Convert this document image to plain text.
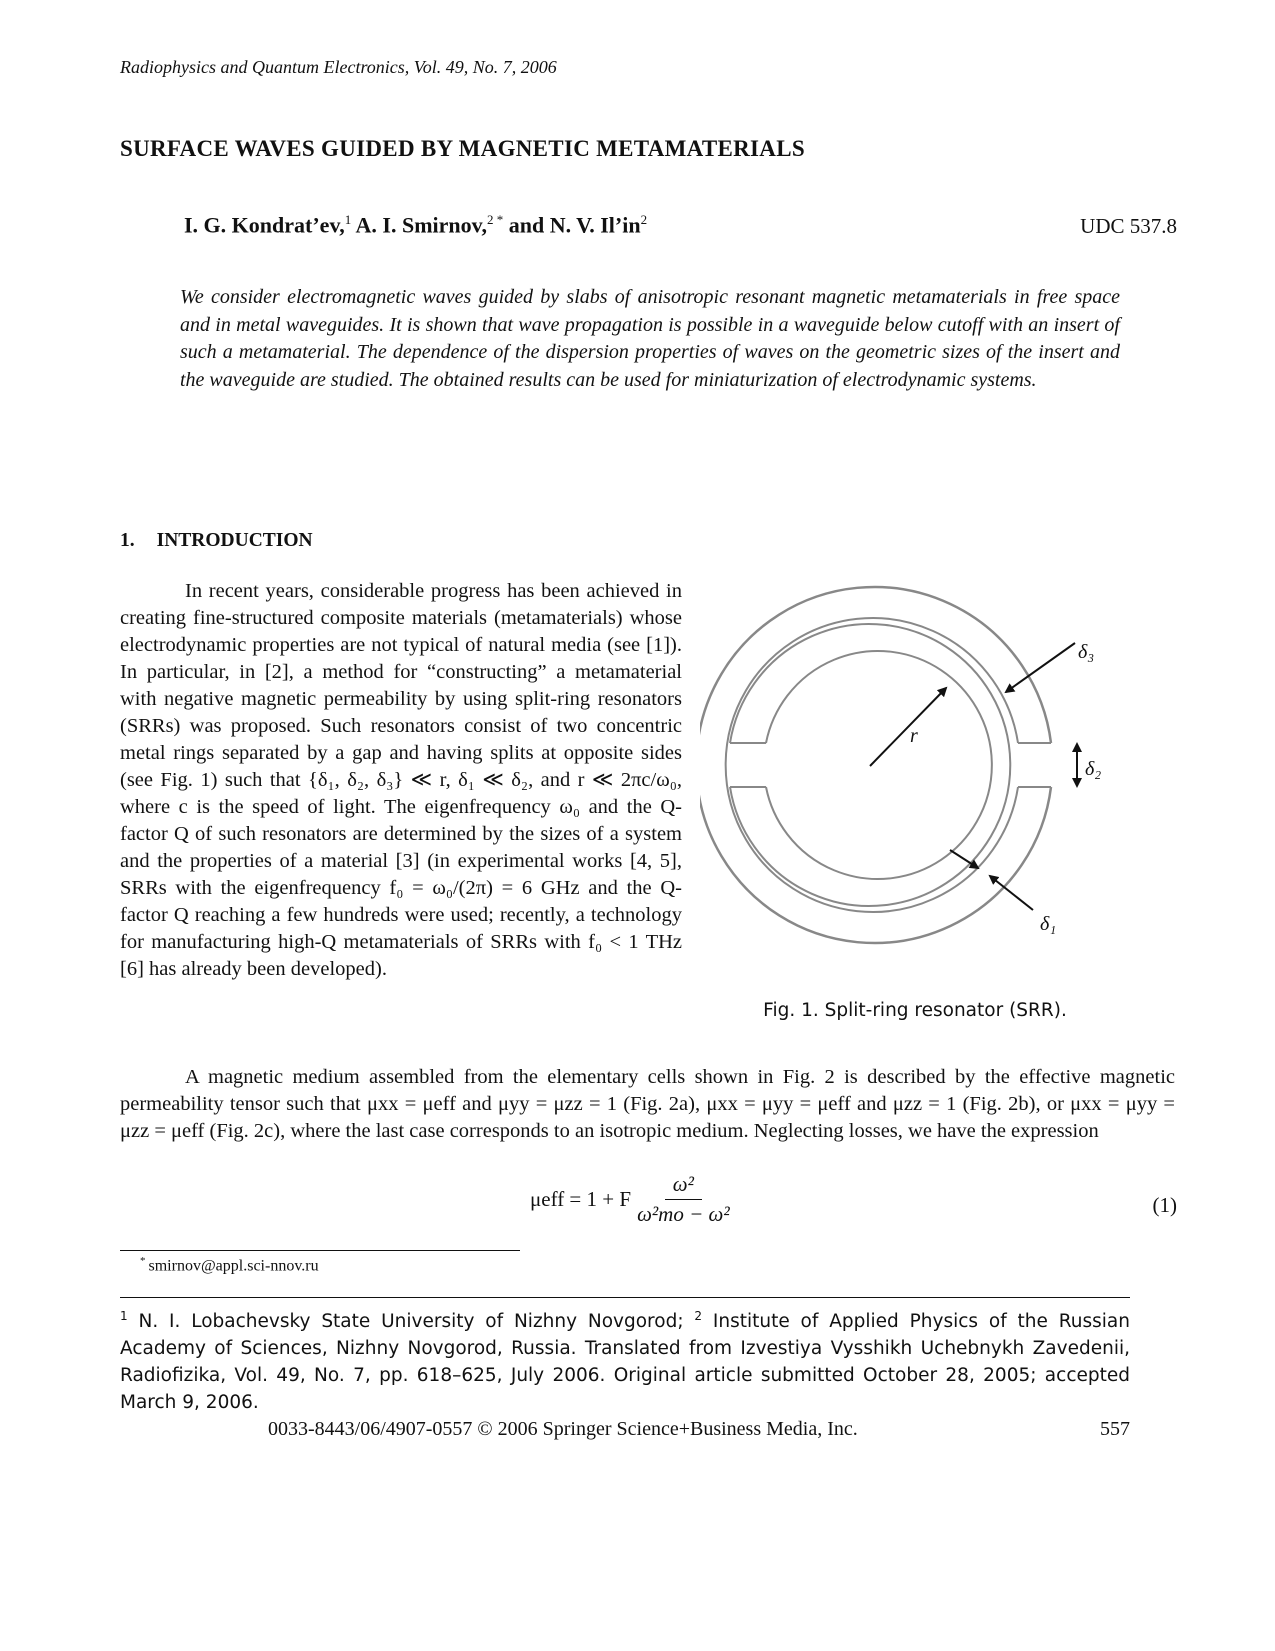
Radiophysics and Quantum Electronics, Vol. 49, No. 7, 2006
SURFACE WAVES GUIDED BY MAGNETIC METAMATERIALS
I. G. Kondrat’ev,$^1$ A. I. Smirnov,$^{2 *}$ and N. V. $Il’in^2$	UDC 537.8
We consider electromagnetic waves guided by slabs of anisotropic resonant magnetic metamaterials in free space and in metal waveguides. It is shown that wave propagation is possible in a waveguide below cutoff with an insert of such a metamaterial. The dependence of the dispersion properties of waves on the geometric sizes of the insert and the waveguide are studied. The obtained results can be used for miniaturization of electrodynamic systems.
1. INTRODUCTION

In recent years, considerable progress has been achieved in creating fine-structured composite materials (metamaterials) whose electrodynamic properties are not typical of natural media (see [1]). In particular, in [2], a method for “constructing” a metamaterial with negative magnetic permeability by using split-ring resonators (SRRs) was proposed. Such resonators consist of two concentric metal rings separated by a gap and having splits at opposite sides (see Fig. 1) such that {δ₁, δ₂, δ₃} ≪ r, δ₁ ≪ δ₂, and r ≪ 2πc/ω₀, where c is the speed of light. The eigenfrequency ω₀ and the Q-factor Q of such resonators are determined by the sizes of a system and the properties of a material [3] (in experimental works [4, 5], SRRs with the eigenfrequency f₀ = ω₀/(2π) = 6 GHz and the Q-factor Q reaching a few hundreds were used; recently, a technology for manufacturing high-Q metamaterials of SRRs with f₀ < 1 THz [6] has already been developed).

r
δ₃
δ₂
δ₁
Fig. 1. Split-ring resonator (SRR).

A magnetic medium assembled from the elementary cells shown in Fig. 2 is described by the effective magnetic permeability tensor such that μxx = μeff and μyy = μzz = 1 (Fig. 2a), μxx = μyy = μeff and μzz = 1 (Fig. 2b), or μxx = μyy = μzz = μeff (Fig. 2c), where the last case corresponds to an isotropic medium. Neglecting losses, we have the expression

μeff = 1 + F $\frac{\text{ω²}}{\text{ω²mo − ω²}}$	(1)
* smirnov@appl.sci-nnov.ru
$^1$ N. I. Lobachevsky State University of Nizhny Novgorod; $^2$ Institute of Applied Physics of the Russian Academy of Sciences, Nizhny Novgorod, Russia. Translated from Izvestiya Vysshikh Uchebnykh Zavedenii, Radiofizika, Vol. 49, No. 7, pp. 618–625, July 2006. Original article submitted October 28, 2005; accepted March 9, 2006.
0033-8443/06/4907-0557 © 2006 Springer Science+Business Media, Inc.	557
